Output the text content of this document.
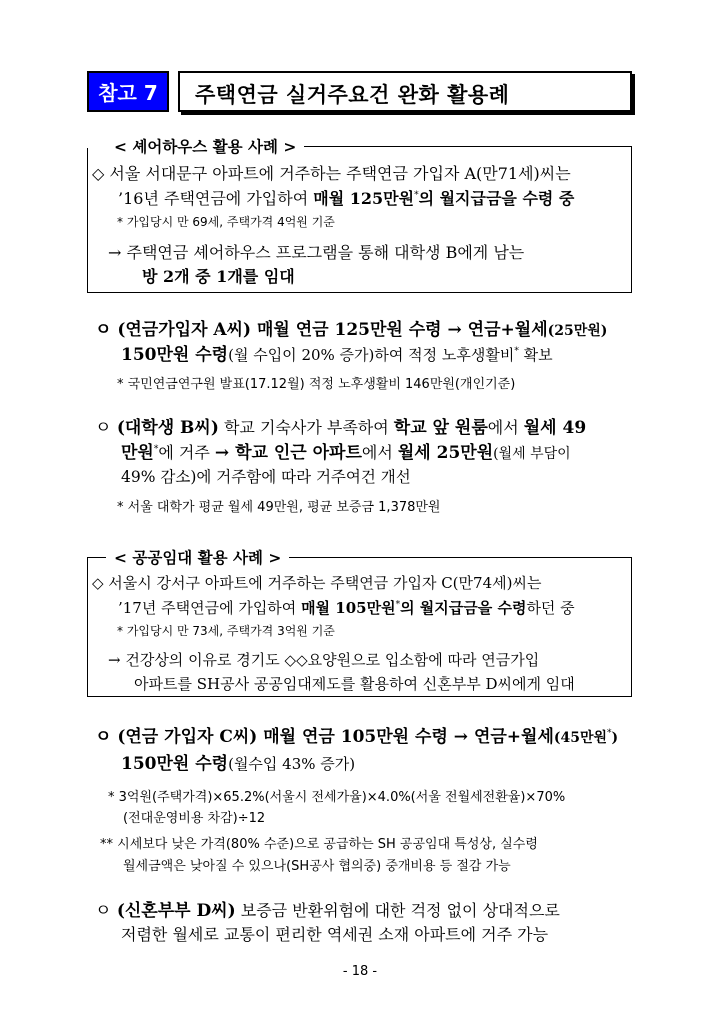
참고 7	주택연금 실거주요건 완화 활용례
< 셰어하우스 활용 사례 >
◇ 서울 서대문구 아파트에 거주하는 주택연금 가입자 A(만71세)씨는
’16년 주택연금에 가입하여 매월 125만원*의 월지급금을 수령 중
* 가입당시 만 69세, 주택가격 4억원 기준
→ 주택연금 셰어하우스 프로그램을 통해 대학생 B에게 남는
방 2개 중 1개를 임대
ㅇ (연금가입자 A씨) 매월 연금 125만원 수령 → 연금+월세(25만원)
150만원 수령(월 수입이 20% 증가)하여 적정 노후생활비* 확보
* 국민연금연구원 발표(17.12월) 적정 노후생활비 146만원(개인기준)
ㅇ (대학생 B씨) 학교 기숙사가 부족하여 학교 앞 원룸에서 월세 49
만원*에 거주 → 학교 인근 아파트에서 월세 25만원(월세 부담이
49% 감소)에 거주함에 따라 거주여건 개선
* 서울 대학가 평균 월세 49만원, 평균 보증금 1,378만원
< 공공임대 활용 사례 >
◇ 서울시 강서구 아파트에 거주하는 주택연금 가입자 C(만74세)씨는
’17년 주택연금에 가입하여 매월 105만원*의 월지급금을 수령하던 중
* 가입당시 만 73세, 주택가격 3억원 기준
→ 건강상의 이유로 경기도 ◇◇요양원으로 입소함에 따라 연금가입
아파트를 SH공사 공공임대제도를 활용하여 신혼부부 D씨에게 임대
ㅇ (연금 가입자 C씨) 매월 연금 105만원 수령 → 연금+월세(45만원*)
150만원 수령(월수입 43% 증가)
* 3억원(주택가격)×65.2%(서울시 전세가율)×4.0%(서울 전월세전환율)×70%
(전대운영비용 차감)÷12
** 시세보다 낮은 가격(80% 수준)으로 공급하는 SH 공공임대 특성상, 실수령
월세금액은 낮아질 수 있으나(SH공사 협의중) 중개비용 등 절감 가능
ㅇ (신혼부부 D씨) 보증금 반환위험에 대한 걱정 없이 상대적으로
저렴한 월세로 교통이 편리한 역세권 소재 아파트에 거주 가능
- 18 -
